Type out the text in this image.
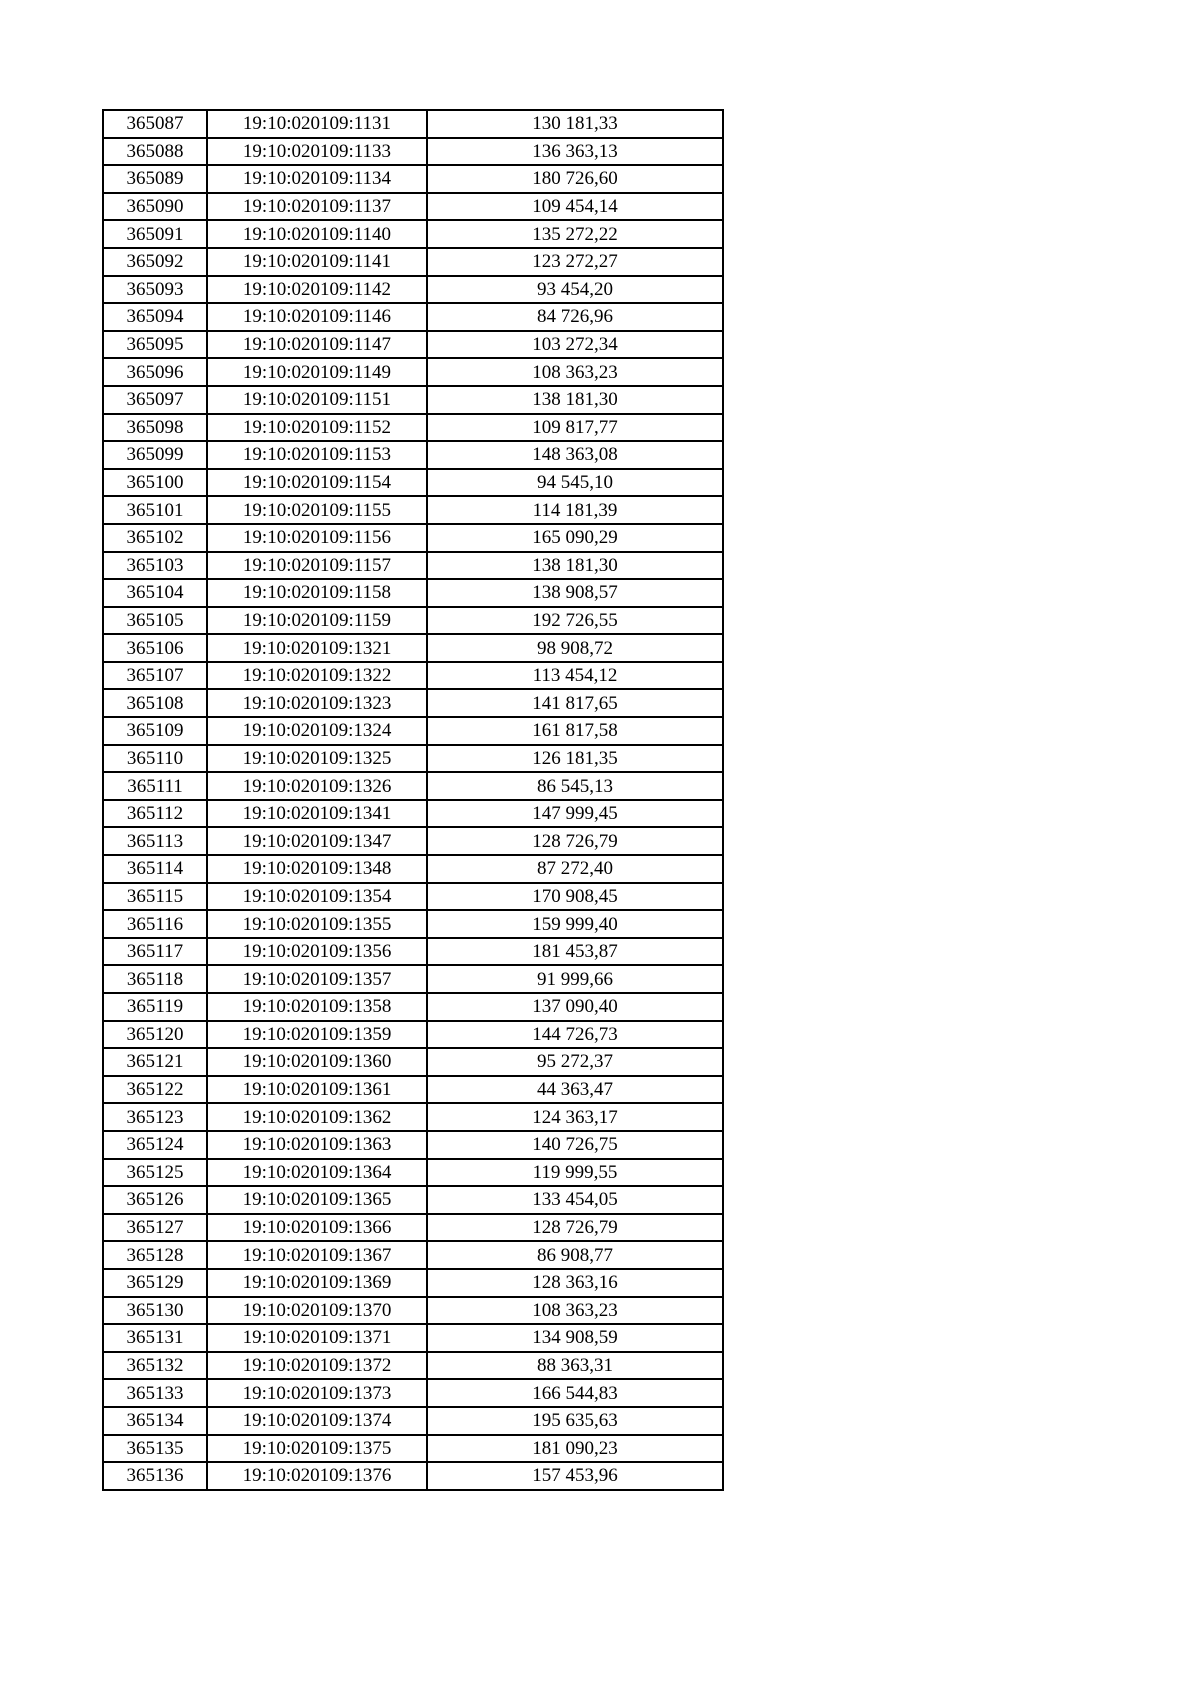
365087	19:10:020109:1131	130 181,33
365088	19:10:020109:1133	136 363,13
365089	19:10:020109:1134	180 726,60
365090	19:10:020109:1137	109 454,14
365091	19:10:020109:1140	135 272,22
365092	19:10:020109:1141	123 272,27
365093	19:10:020109:1142	93 454,20
365094	19:10:020109:1146	84 726,96
365095	19:10:020109:1147	103 272,34
365096	19:10:020109:1149	108 363,23
365097	19:10:020109:1151	138 181,30
365098	19:10:020109:1152	109 817,77
365099	19:10:020109:1153	148 363,08
365100	19:10:020109:1154	94 545,10
365101	19:10:020109:1155	114 181,39
365102	19:10:020109:1156	165 090,29
365103	19:10:020109:1157	138 181,30
365104	19:10:020109:1158	138 908,57
365105	19:10:020109:1159	192 726,55
365106	19:10:020109:1321	98 908,72
365107	19:10:020109:1322	113 454,12
365108	19:10:020109:1323	141 817,65
365109	19:10:020109:1324	161 817,58
365110	19:10:020109:1325	126 181,35
365111	19:10:020109:1326	86 545,13
365112	19:10:020109:1341	147 999,45
365113	19:10:020109:1347	128 726,79
365114	19:10:020109:1348	87 272,40
365115	19:10:020109:1354	170 908,45
365116	19:10:020109:1355	159 999,40
365117	19:10:020109:1356	181 453,87
365118	19:10:020109:1357	91 999,66
365119	19:10:020109:1358	137 090,40
365120	19:10:020109:1359	144 726,73
365121	19:10:020109:1360	95 272,37
365122	19:10:020109:1361	44 363,47
365123	19:10:020109:1362	124 363,17
365124	19:10:020109:1363	140 726,75
365125	19:10:020109:1364	119 999,55
365126	19:10:020109:1365	133 454,05
365127	19:10:020109:1366	128 726,79
365128	19:10:020109:1367	86 908,77
365129	19:10:020109:1369	128 363,16
365130	19:10:020109:1370	108 363,23
365131	19:10:020109:1371	134 908,59
365132	19:10:020109:1372	88 363,31
365133	19:10:020109:1373	166 544,83
365134	19:10:020109:1374	195 635,63
365135	19:10:020109:1375	181 090,23
365136	19:10:020109:1376	157 453,96
